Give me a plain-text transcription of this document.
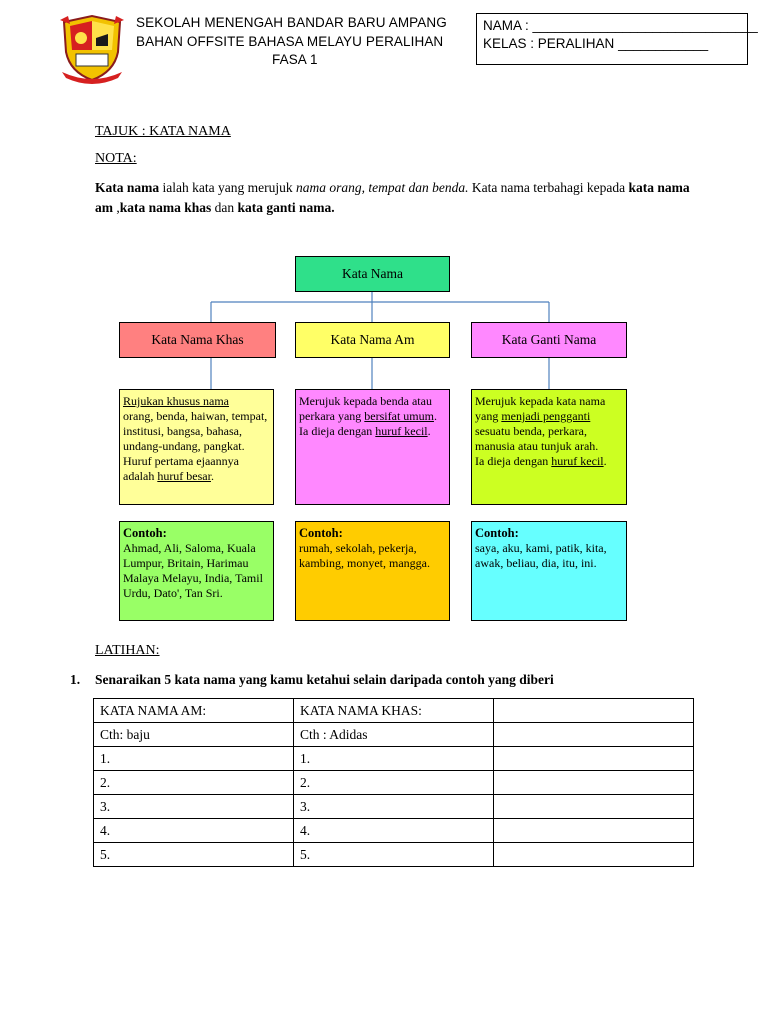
SEKOLAH MENENGAH BANDAR BARU AMPANG
BAHAN OFFSITE BAHASA MELAYU PERALIHAN
FASA 1
NAMA : ______________________________
KELAS : PERALIHAN ____________
TAJUK : KATA NAMA
NOTA:
Kata nama ialah kata yang merujuk nama orang, tempat dan benda. Kata nama terbahagi kepada kata nama am ,kata nama khas dan kata ganti nama.
Kata Nama
Kata Nama Khas	Kata Nama Am	Kata Ganti Nama
Rujukan khusus nama
orang, benda, haiwan, tempat, institusi, bangsa, bahasa, undang-undang, pangkat.
Huruf pertama ejaannya adalah huruf besar.
Merujuk kepada benda atau perkara yang bersifat umum.
Ia dieja dengan huruf kecil.
Merujuk kepada kata nama yang menjadi pengganti sesuatu benda, perkara, manusia atau tunjuk arah.
Ia dieja dengan huruf kecil.
Contoh:
Ahmad, Ali, Saloma, Kuala Lumpur, Britain, Harimau Malaya Melayu, India, Tamil Urdu, Dato', Tan Sri.
Contoh:
rumah, sekolah, pekerja, kambing, monyet, mangga.
Contoh:
saya, aku, kami, patik, kita, awak, beliau, dia, itu, ini.
LATIHAN:
1. Senaraikan 5 kata nama yang kamu ketahui selain daripada contoh yang diberi
KATA NAMA AM:	KATA NAMA KHAS:	
Cth: baju	Cth : Adidas	
1.	1.	
2.	2.	
3.	3.	
4.	4.	
5.	5.	
